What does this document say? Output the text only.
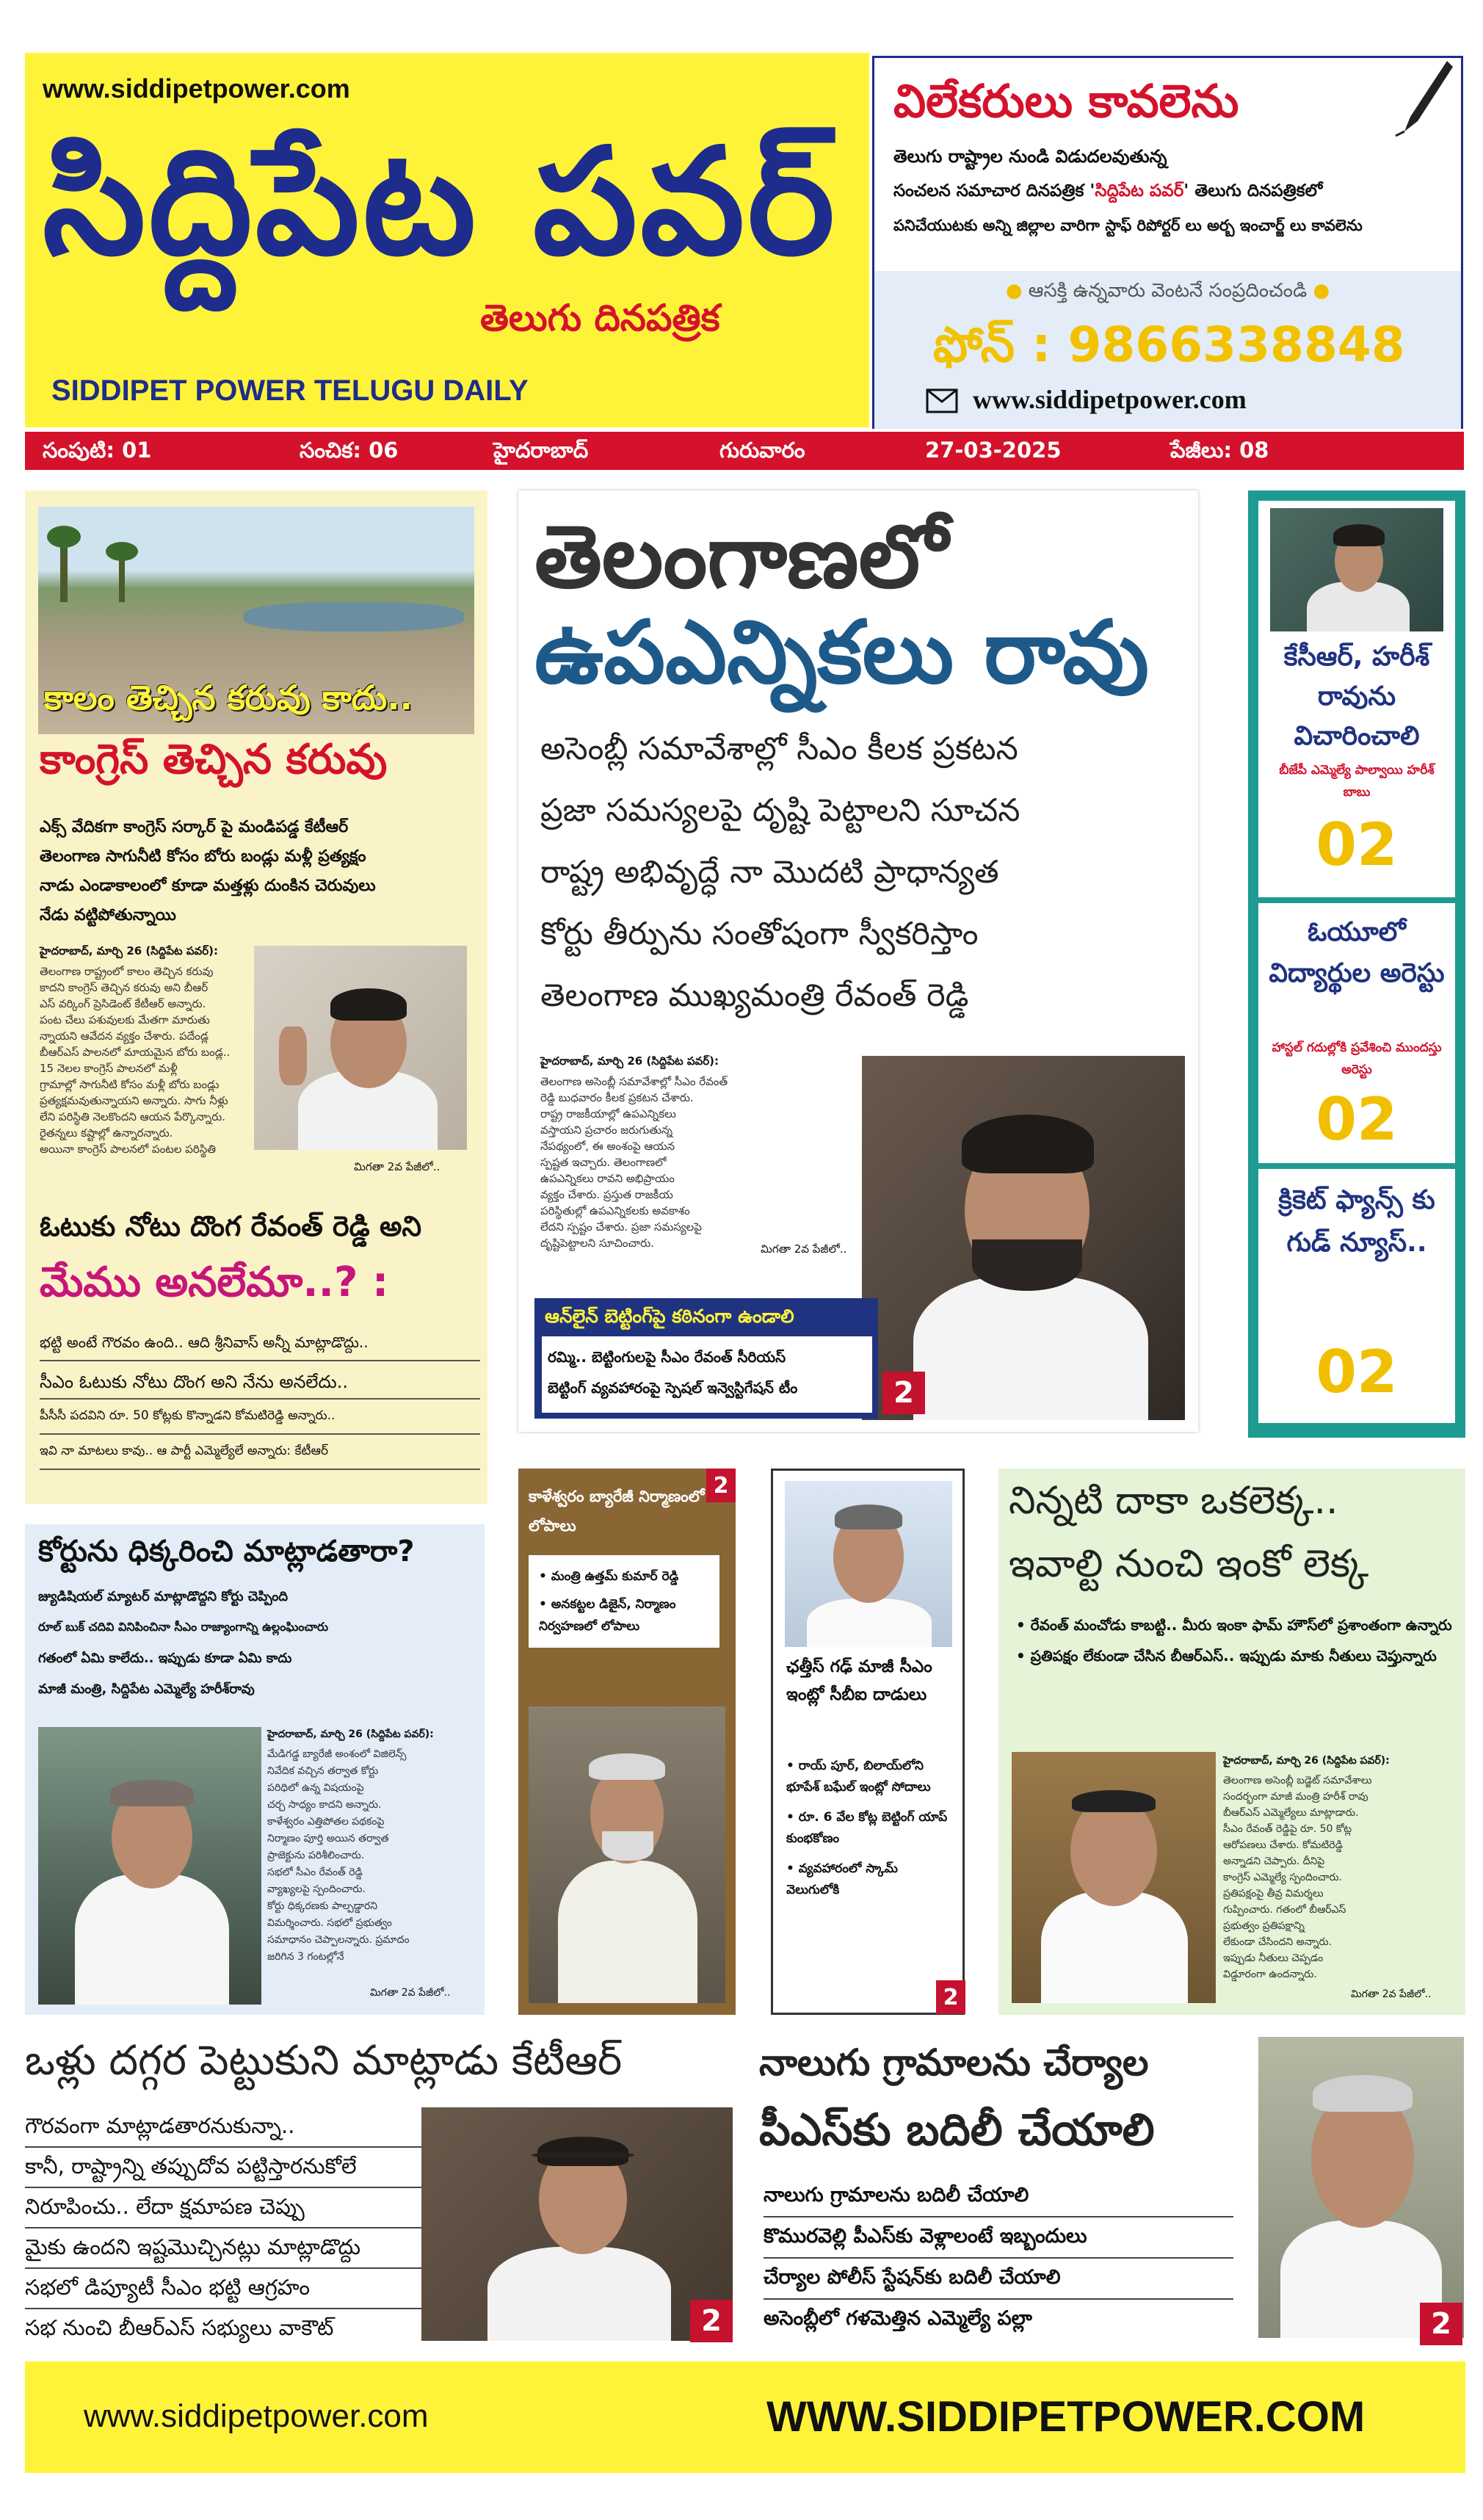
www.siddipetpower.com
సిద్దిపేట పవర్
తెలుగు దినపత్రిక
SIDDIPET POWER TELUGU DAILY
విలేకరులు కావలెను
తెలుగు రాష్ట్రాల నుండి విడుదలవుతున్న
సంచలన సమాచార దినపత్రిక 'సిద్దిపేట పవర్' తెలుగు దినపత్రికలో
పనిచేయుటకు అన్ని జిల్లాల వారిగా స్టాఫ్ రిపోర్టర్ లు అర్బ ఇంచార్జ్ లు కావలెను
● ఆసక్తి ఉన్నవారు వెంటనే సంప్రదించండి ●
ఫోన్ : 9866338848
www.siddipetpower.com
సంపుటి: 01	సంచిక: 06	హైదరాబాద్	గురువారం	27-03-2025	పేజీలు: 08
కాలం తెచ్చిన కరువు కాదు..
కాంగ్రెస్ తెచ్చిన కరువు
ఎక్స్ వేదికగా కాంగ్రెస్ సర్కార్ పై మండిపడ్డ కేటీఆర్
తెలంగాణ సాగునీటి కోసం బోరు బండ్లు మళ్లీ ప్రత్యక్షం
నాడు ఎండాకాలంలో కూడా మత్తళ్లు దుంకిన చెరువులు
నేడు వట్టిపోతున్నాయి
హైదరాబాద్, మార్చి 26 (సిద్దిపేట పవర్):
తెలంగాణ రాష్ట్రంలో కాలం తెచ్చిన కరువు
కాదని కాంగ్రెస్ తెచ్చిన కరువు అని బీఆర్
ఎస్ వర్కింగ్ ప్రెసిడెంట్ కేటీఆర్ అన్నారు.
పంట చేలు పశువులకు మేతగా మారుతు
న్నాయని ఆవేదన వ్యక్తం చేశారు. పదేండ్ల
బీఆర్ఎస్ పాలనలో మాయమైన బోరు బండ్ల..
15 నెలల కాంగ్రెస్ పాలనలో మళ్లీ
గ్రామాల్లో సాగునీటి కోసం మళ్లీ బోరు బండ్లు
ప్రత్యక్షమవుతున్నాయని అన్నారు. సాగు నీళ్లు
లేని పరిస్థితి నెలకొందని ఆయన పేర్కొన్నారు.
రైతన్నలు కష్టాల్లో ఉన్నారన్నారు.
అయినా కాంగ్రెస్ పాలనలో పంటల పరిస్థితి
మిగతా 2వ పేజీలో..
ఓటుకు నోటు దొంగ రేవంత్ రెడ్డి అని
మేము అనలేమా..? :
భట్టి అంటే గౌరవం ఉంది.. ఆది శ్రీనివాస్ అన్నీ మాట్లాడొద్దు..
సీఎం ఓటుకు నోటు దొంగ అని నేను అనలేదు..
పీసీసీ పదవిని రూ. 50 కోట్లకు కొన్నాడని కోమటిరెడ్డి అన్నారు..
ఇవి నా మాటలు కావు.. ఆ పార్టీ ఎమ్మెల్యేలే అన్నారు: కేటీఆర్
తెలంగాణలో
ఉపఎన్నికలు రావు
అసెంబ్లీ సమావేశాల్లో సీఎం కీలక ప్రకటన
ప్రజా సమస్యలపై దృష్టి పెట్టాలని సూచన
రాష్ట్ర అభివృద్ధే నా మొదటి ప్రాధాన్యత
కోర్టు తీర్పును సంతోషంగా స్వీకరిస్తాం
తెలంగాణ ముఖ్యమంత్రి రేవంత్ రెడ్డి
హైదరాబాద్, మార్చి 26 (సిద్దిపేట పవర్):
తెలంగాణ అసెంబ్లీ సమావేశాల్లో సీఎం రేవంత్
రెడ్డి బుధవారం కీలక ప్రకటన చేశారు.
రాష్ట్ర రాజకీయాల్లో ఉపఎన్నికలు
వస్తాయని ప్రచారం జరుగుతున్న
నేపథ్యంలో, ఈ అంశంపై ఆయన
స్పష్టత ఇచ్చారు. తెలంగాణలో
ఉపఎన్నికలు రావని అభిప్రాయం
వ్యక్తం చేశారు. ప్రస్తుత రాజకీయ
పరిస్థితుల్లో ఉపఎన్నికలకు అవకాశం
లేదని స్పష్టం చేశారు. ప్రజా సమస్యలపై
దృష్టిపెట్టాలని సూచించారు.	మిగతా 2వ పేజీలో..
ఆన్‌లైన్ బెట్టింగ్‌పై కఠినంగా ఉండాలి
రమ్మి.. బెట్టింగులపై సీఎం రేవంత్ సీరియస్
బెట్టింగ్ వ్యవహారంపై స్పెషల్ ఇన్వెస్టిగేషన్ టీం	2
కేసీఆర్, హరీశ్ రావును విచారించాలి
బీజేపీ ఎమ్మెల్యే పాల్వాయి హరీశ్ బాబు
02
ఓయూలో విద్యార్థుల అరెస్టు
హాస్టల్ గదుల్లోకి ప్రవేశించి ముందస్తు అరెస్టు
02
క్రికెట్ ఫ్యాన్స్ కు గుడ్ న్యూస్..
02
కోర్టును ధిక్కరించి మాట్లాడతారా?
జ్యుడిషియల్ మ్యాటర్ మాట్లాడొద్దని కోర్టు చెప్పింది
రూల్ బుక్ చదివి వినిపించినా సీఎం రాజ్యాంగాన్ని ఉల్లంఘించారు
గతంలో ఏమి కాలేదు.. ఇప్పుడు కూడా ఏమి కాదు
మాజీ మంత్రి, సిద్దిపేట ఎమ్మెల్యే హరీశ్‌రావు
హైదరాబాద్, మార్చి 26 (సిద్దిపేట పవర్):
మేడిగడ్డ బ్యారేజీ అంశంలో విజిలెన్స్
నివేదిక వచ్చిన తర్వాత కోర్టు
పరిధిలో ఉన్న విషయంపై
చర్చ సాధ్యం కాదని అన్నారు.
కాళేశ్వరం ఎత్తిపోతల పథకంపై
నిర్మాణం పూర్తి అయిన తర్వాత
ప్రాజెక్టును పరిశీలించారు.
సభలో సీఎం రేవంత్ రెడ్డి
వ్యాఖ్యలపై స్పందించారు.
కోర్టు ధిక్కరణకు పాల్పడ్డారని
విమర్శించారు. సభలో ప్రభుత్వం
సమాధానం చెప్పాలన్నారు. ప్రమాదం
జరిగిన 3 గంటల్లోనే
మిగతా 2వ పేజీలో..
2
కాళేశ్వరం బ్యారేజీ నిర్మాణంలో లోపాలు
• మంత్రి ఉత్తమ్ కుమార్ రెడ్డి
• అనకట్టల డిజైన్, నిర్మాణం నిర్వహణలో లోపాలు
ఛత్తీస్ గఢ్ మాజీ సీఎం ఇంట్లో సీబీఐ దాడులు
• రాయ్ పూర్, బిలాయ్‌లోని భూపేశ్ బఘేల్ ఇంట్లో సోదాలు
• రూ. 6 వేల కోట్ల బెట్టింగ్ యాప్ కుంభకోణం
• వ్యవహారంలో స్కామ్ వెలుగులోకి
2
నిన్నటి దాకా ఒకలెక్క..
ఇవాల్టి నుంచి ఇంకో లెక్క
• రేవంత్ మంచోడు కాబట్టి.. మీరు ఇంకా ఫామ్ హౌస్‌లో ప్రశాంతంగా ఉన్నారు
• ప్రతిపక్షం లేకుండా చేసిన బీఆర్ఎస్.. ఇప్పుడు మాకు నీతులు చెప్తున్నారు
హైదరాబాద్, మార్చి 26 (సిద్దిపేట పవర్):
తెలంగాణ అసెంబ్లీ బడ్జెట్ సమావేశాలు
సందర్భంగా మాజీ మంత్రి హరీశ్ రావు
బీఆర్ఎస్ ఎమ్మెల్యేలు మాట్లాడారు.
సీఎం రేవంత్ రెడ్డిపై రూ. 50 కోట్ల
ఆరోపణలు చేశారు. కోమటిరెడ్డి
అన్నాడని చెప్పారు. దీనిపై
కాంగ్రెస్ ఎమ్మెల్యే స్పందించారు.
ప్రతిపక్షంపై తీవ్ర విమర్శలు
గుప్పించారు. గతంలో బీఆర్ఎస్
ప్రభుత్వం ప్రతిపక్షాన్ని
లేకుండా చేసిందని అన్నారు.
ఇప్పుడు నీతులు చెప్పడం
విడ్డూరంగా ఉందన్నారు.
మిగతా 2వ పేజీలో..
ఒళ్లు దగ్గర పెట్టుకుని మాట్లాడు కేటీఆర్
గౌరవంగా మాట్లాడతారనుకున్నా..
కానీ, రాష్ట్రాన్ని తప్పుదోవ పట్టిస్తారనుకోలే
నిరూపించు.. లేదా క్షమాపణ చెప్పు
మైకు ఉందని ఇష్టమొచ్చినట్లు మాట్లాడొద్దు
సభలో డిప్యూటీ సీఎం భట్టి ఆగ్రహం
సభ నుంచి బీఆర్ఎస్ సభ్యులు వాకౌట్	2
నాలుగు గ్రామాలను చేర్యాల
పీఎస్‌కు బదిలీ చేయాలి
నాలుగు గ్రామాలను బదిలీ చేయాలి
కొమురవెల్లి పీఎస్‌కు వెళ్లాలంటే ఇబ్బందులు
చేర్యాల పోలీస్ స్టేషన్‌కు బదిలీ చేయాలి
అసెంబ్లీలో గళమెత్తిన ఎమ్మెల్యే పల్లా	2
www.siddipetpower.com	WWW.SIDDIPETPOWER.COM
